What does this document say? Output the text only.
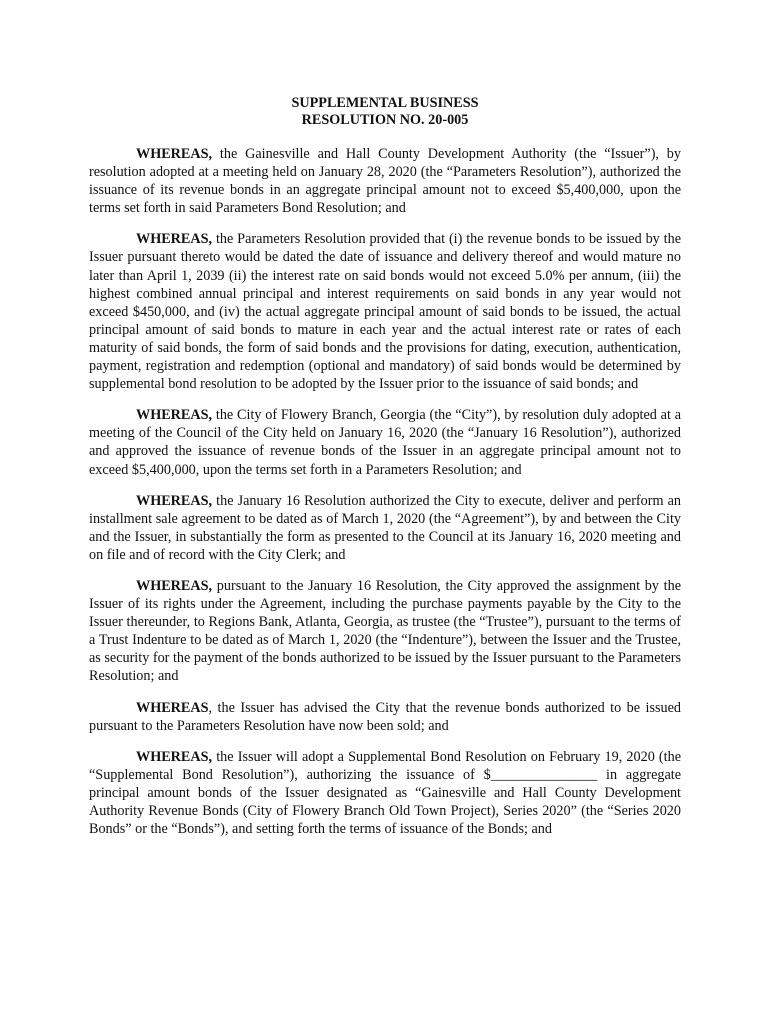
SUPPLEMENTAL BUSINESS
RESOLUTION NO. 20-005

WHEREAS, the Gainesville and Hall County Development Authority (the “Issuer”), by resolution adopted at a meeting held on January 28, 2020 (the “Parameters Resolution”), authorized the issuance of its revenue bonds in an aggregate principal amount not to exceed $5,400,000, upon the terms set forth in said Parameters Bond Resolution; and

WHEREAS, the Parameters Resolution provided that (i) the revenue bonds to be issued by the Issuer pursuant thereto would be dated the date of issuance and delivery thereof and would mature no later than April 1, 2039 (ii) the interest rate on said bonds would not exceed 5.0% per annum, (iii) the highest combined annual principal and interest requirements on said bonds in any year would not exceed $450,000, and (iv) the actual aggregate principal amount of said bonds to be issued, the actual principal amount of said bonds to mature in each year and the actual interest rate or rates of each maturity of said bonds, the form of said bonds and the provisions for dating, execution, authentication, payment, registration and redemption (optional and mandatory) of said bonds would be determined by supplemental bond resolution to be adopted by the Issuer prior to the issuance of said bonds; and

WHEREAS, the City of Flowery Branch, Georgia (the “City”), by resolution duly adopted at a meeting of the Council of the City held on January 16, 2020 (the “January 16 Resolution”), authorized and approved the issuance of revenue bonds of the Issuer in an aggregate principal amount not to exceed $5,400,000, upon the terms set forth in a Parameters Resolution; and

WHEREAS, the January 16 Resolution authorized the City to execute, deliver and perform an installment sale agreement to be dated as of March 1, 2020 (the “Agreement”), by and between the City and the Issuer, in substantially the form as presented to the Council at its January 16, 2020 meeting and on file and of record with the City Clerk; and

WHEREAS, pursuant to the January 16 Resolution, the City approved the assignment by the Issuer of its rights under the Agreement, including the purchase payments payable by the City to the Issuer thereunder, to Regions Bank, Atlanta, Georgia, as trustee (the “Trustee”), pursuant to the terms of a Trust Indenture to be dated as of March 1, 2020 (the “Indenture”), between the Issuer and the Trustee, as security for the payment of the bonds authorized to be issued by the Issuer pursuant to the Parameters Resolution; and

WHEREAS, the Issuer has advised the City that the revenue bonds authorized to be issued pursuant to the Parameters Resolution have now been sold; and

WHEREAS, the Issuer will adopt a Supplemental Bond Resolution on February 19, 2020 (the “Supplemental Bond Resolution”), authorizing the issuance of $_______________ in aggregate principal amount bonds of the Issuer designated as “Gainesville and Hall County Development Authority Revenue Bonds (City of Flowery Branch Old Town Project), Series 2020” (the “Series 2020 Bonds” or the “Bonds”), and setting forth the terms of issuance of the Bonds; and
